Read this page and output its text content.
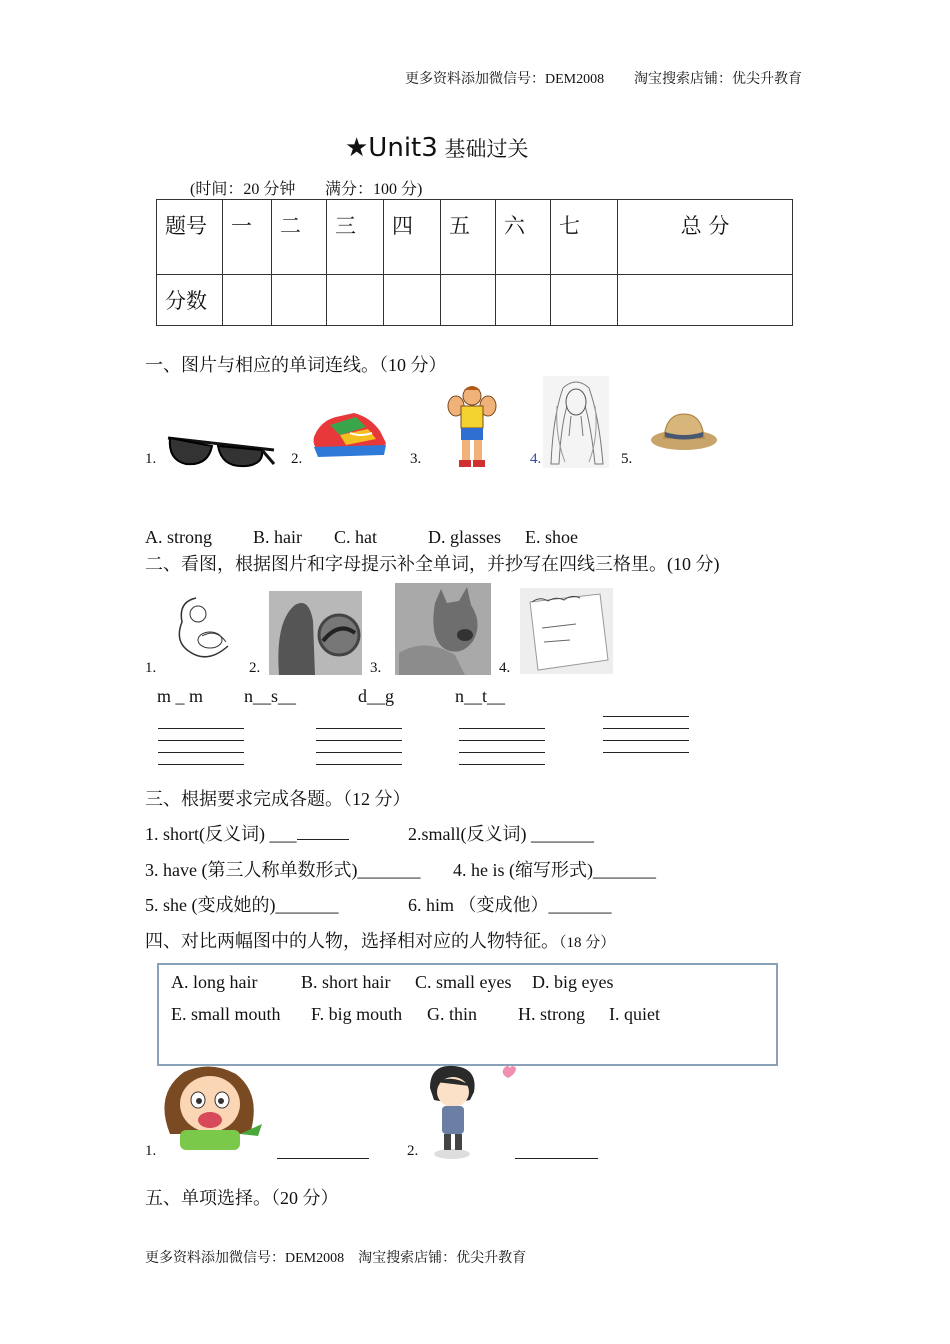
更多资料添加微信号：DEM2008 淘宝搜索店铺：优尖升教育
★Unit3 基础过关
(时间：20 分钟 满分：100 分)
题号	一	二	三	四	五	六	七	总 分
分数								
一、图片与相应的单词连线。（10 分）
1.	2.	3.	4.	5.
A. strong B. hair C. hat	D. glasses E. shoe
二、看图，根据图片和字母提示补全单词，并抄写在四线三格里。(10 分)
1.	2.	3.	4.
m _ m n__s__	d__g	n__t__
三、根据要求完成各题。（12 分）
1. short(反义词) ___	2.small(反义词) _______
3. have (第三人称单数形式)_______ 4. he is (缩写形式)_______
5. she (变成她的)_______	6. him （变成他）_______
四、对比两幅图中的人物，选择相对应的人物特征。（18 分）
A. long hair B. short hair C. small eyes D. big eyes
E. small mouth F. big mouth G. thin H. strong I. quiet
1.	2.
五、单项选择。（20 分）
更多资料添加微信号：DEM2008    淘宝搜索店铺：优尖升教育
